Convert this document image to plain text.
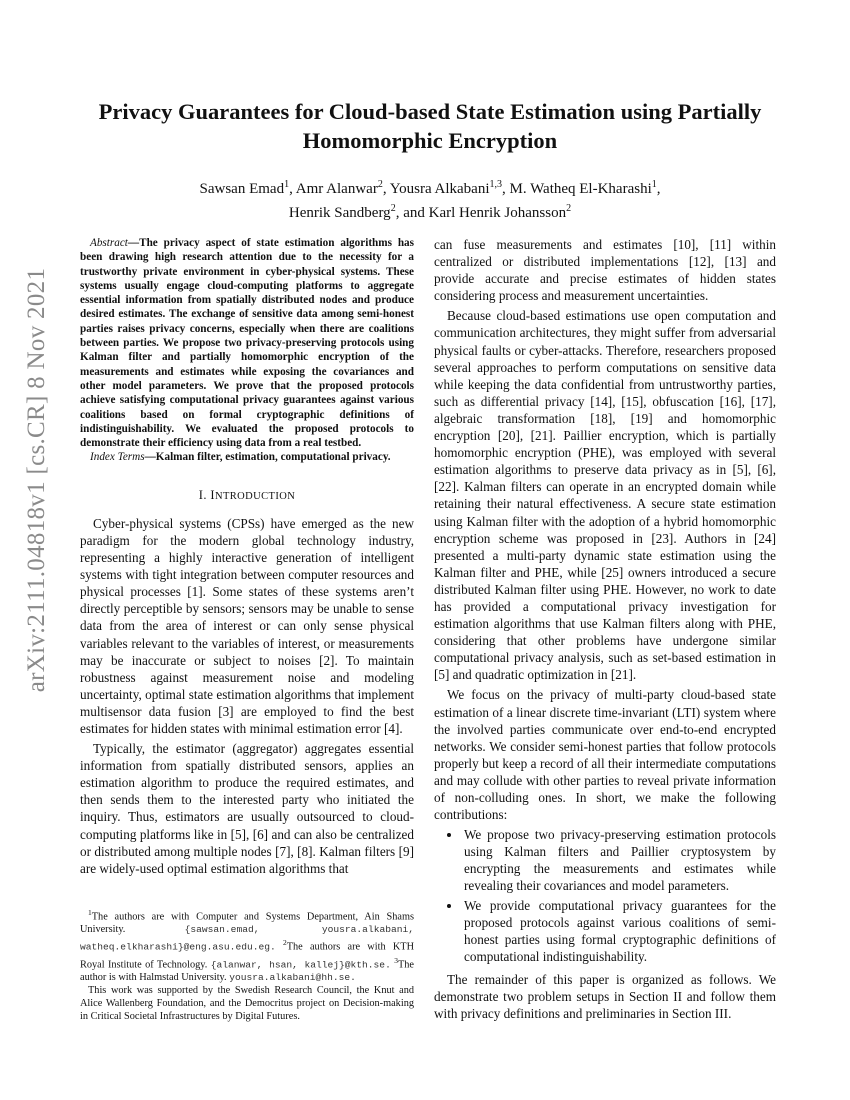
arXiv:2111.04818v1 [cs.CR] 8 Nov 2021
Privacy Guarantees for Cloud-based State Estimation using Partially Homomorphic Encryption
Sawsan Emad$^1$, Amr Alanwar$^2$, Yousra Alkabani$^{1,3}$, M. Watheq El-Kharashi$^1$,
Henrik Sandberg$^2$, and Karl Henrik Johansson$^2$

Abstract—The privacy aspect of state estimation algorithms has been drawing high research attention due to the necessity for a trustworthy private environment in cyber-physical systems. These systems usually engage cloud-computing platforms to aggregate essential information from spatially distributed nodes and produce desired estimates. The exchange of sensitive data among semi-honest parties raises privacy concerns, especially when there are coalitions between parties. We propose two privacy-preserving protocols using Kalman filter and partially homomorphic encryption of the measurements and estimates while exposing the covariances and other model parameters. We prove that the proposed protocols achieve satisfying computational privacy guarantees against various coalitions based on formal cryptographic definitions of indistinguishability. We evaluated the proposed protocols to demonstrate their efficiency using data from a real testbed.

Index Terms—Kalman filter, estimation, computational privacy.

I. INTRODUCTION

Cyber-physical systems (CPSs) have emerged as the new paradigm for the modern global technology industry, representing a highly interactive generation of intelligent systems with tight integration between computer resources and physical processes [1]. Some states of these systems aren’t directly perceptible by sensors; sensors may be unable to sense data from the area of interest or can only sense physical variables relevant to the variables of interest, or measurements may be inaccurate or subject to noises [2]. To maintain robustness against measurement noise and modeling uncertainty, optimal state estimation algorithms that implement multisensor data fusion [3] are employed to find the best estimates for hidden states with minimal estimation error [4].

Typically, the estimator (aggregator) aggregates essential information from spatially distributed sensors, applies an estimation algorithm to produce the required estimates, and then sends them to the interested party who initiated the inquiry. Thus, estimators are usually outsourced to cloud-computing platforms like in [5], [6] and can also be centralized or distributed among multiple nodes [7], [8]. Kalman filters [9] are widely-used optimal estimation algorithms that

can fuse measurements and estimates [10], [11] within centralized or distributed implementations [12], [13] and provide accurate and precise estimates of hidden states considering process and measurement uncertainties.

Because cloud-based estimations use open computation and communication architectures, they might suffer from adversarial physical faults or cyber-attacks. Therefore, researchers proposed several approaches to perform computations on sensitive data while keeping the data confidential from untrustworthy parties, such as differential privacy [14], [15], obfuscation [16], [17], algebraic transformation [18], [19] and homomorphic encryption [20], [21]. Paillier encryption, which is partially homomorphic encryption (PHE), was employed with several estimation algorithms to preserve data privacy as in [5], [6], [22]. Kalman filters can operate in an encrypted domain while retaining their natural effectiveness. A secure state estimation using Kalman filter with the adoption of a hybrid homomorphic encryption scheme was proposed in [23]. Authors in [24] presented a multi-party dynamic state estimation using the Kalman filter and PHE, while [25] owners introduced a secure distributed Kalman filter using PHE. However, no work to date has provided a computational privacy investigation for estimation algorithms that use Kalman filters along with PHE, considering that other problems have undergone similar computational privacy analysis, such as set-based estimation in [5] and quadratic optimization in [21].

We focus on the privacy of multi-party cloud-based state estimation of a linear discrete time-invariant (LTI) system where the involved parties communicate over end-to-end encrypted networks. We consider semi-honest parties that follow protocols properly but keep a record of all their intermediate computations and may collude with other parties to reveal private information of non-colluding ones. In short, we make the following contributions:

• We propose two privacy-preserving estimation protocols using Kalman filters and Paillier cryptosystem by encrypting the measurements and estimates while revealing their covariances and model parameters.
• We provide computational privacy guarantees for the proposed protocols against various coalitions of semi-honest parties using formal cryptographic definitions of computational indistinguishability.

The remainder of this paper is organized as follows. We demonstrate two problem setups in Section II and follow them with privacy definitions and preliminaries in Section III.

$^1$The authors are with Computer and Systems Department, Ain Shams University.	{sawsan.emad, yousra.alkabani, watheq.elkharashi}@eng.asu.edu.eg. $^2$The authors are with KTH Royal Institute of Technology. {alanwar, hsan, kallej}@kth.se. $^3$The author is with Halmstad University. yousra.alkabani@hh.se.

This work was supported by the Swedish Research Council, the Knut and Alice Wallenberg Foundation, and the Democritus project on Decision-making in Critical Societal Infrastructures by Digital Futures.
